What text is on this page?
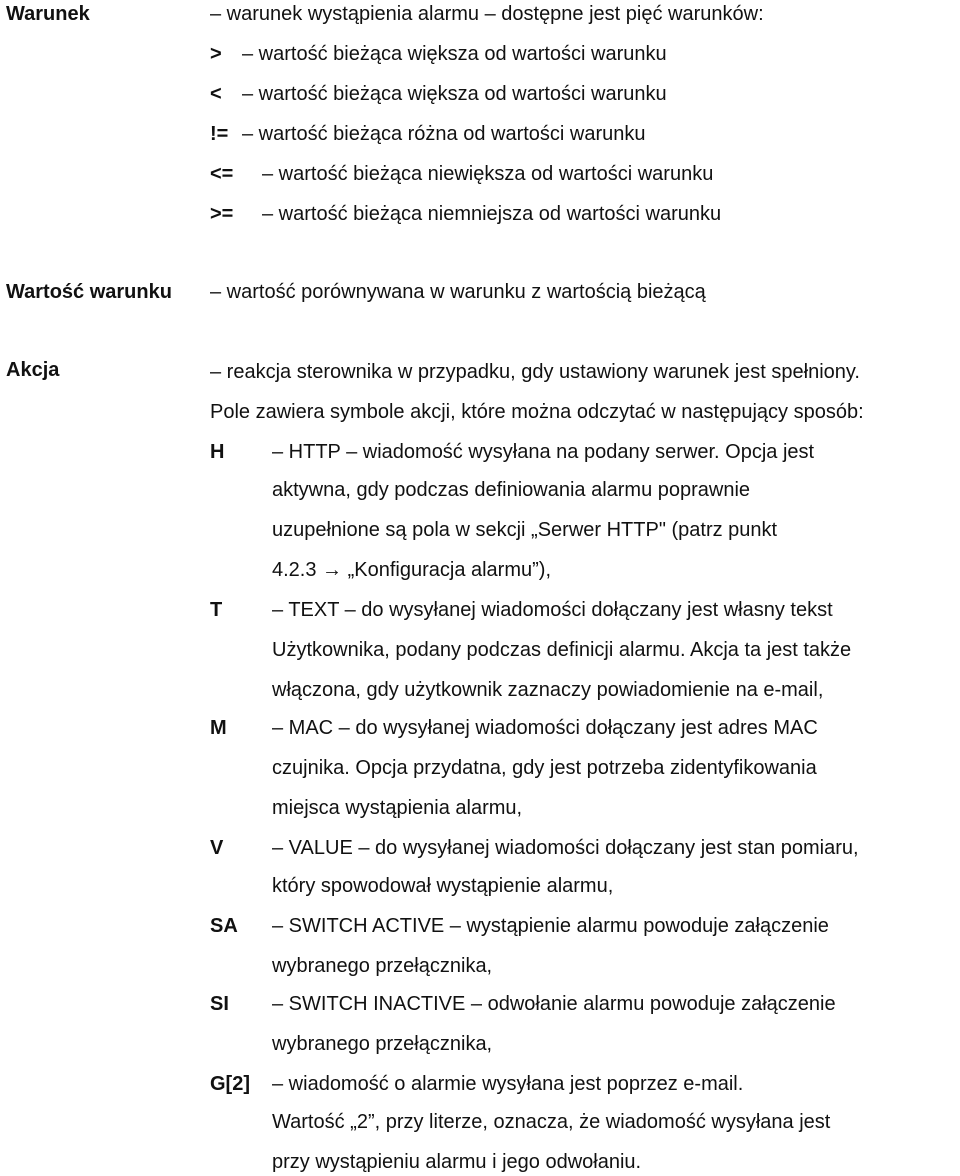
Warunek	– warunek wystąpienia alarmu – dostępne jest pięć warunków:
> – wartość bieżąca większa od wartości warunku
< – wartość bieżąca większa od wartości warunku
!= – wartość bieżąca różna od wartości warunku
<= – wartość bieżąca niewiększa od wartości warunku
>= – wartość bieżąca niemniejsza od wartości warunku
Wartość warunku – wartość porównywana w warunku z wartością bieżącą
Akcja	– reakcja sterownika w przypadku, gdy ustawiony warunek jest spełniony.
Pole zawiera symbole akcji, które można odczytać w następujący sposób:
H – HTTP – wiadomość wysyłana na podany serwer. Opcja jest
aktywna, gdy podczas definiowania alarmu poprawnie
uzupełnione są pola w sekcji „Serwer HTTP" (patrz punkt
4.2.3 → „Konfiguracja alarmu”),
T – TEXT – do wysyłanej wiadomości dołączany jest własny tekst
Użytkownika, podany podczas definicji alarmu. Akcja ta jest także
włączona, gdy użytkownik zaznaczy powiadomienie na e-mail,
M – MAC – do wysyłanej wiadomości dołączany jest adres MAC
czujnika. Opcja przydatna, gdy jest potrzeba zidentyfikowania
miejsca wystąpienia alarmu,
V – VALUE – do wysyłanej wiadomości dołączany jest stan pomiaru,
który spowodował wystąpienie alarmu,
SA – SWITCH ACTIVE – wystąpienie alarmu powoduje załączenie
wybranego przełącznika,
SI – SWITCH INACTIVE – odwołanie alarmu powoduje załączenie
wybranego przełącznika,
G[2] – wiadomość o alarmie wysyłana jest poprzez e-mail.
Wartość „2”, przy literze, oznacza, że wiadomość wysyłana jest
przy wystąpieniu alarmu i jego odwołaniu.
